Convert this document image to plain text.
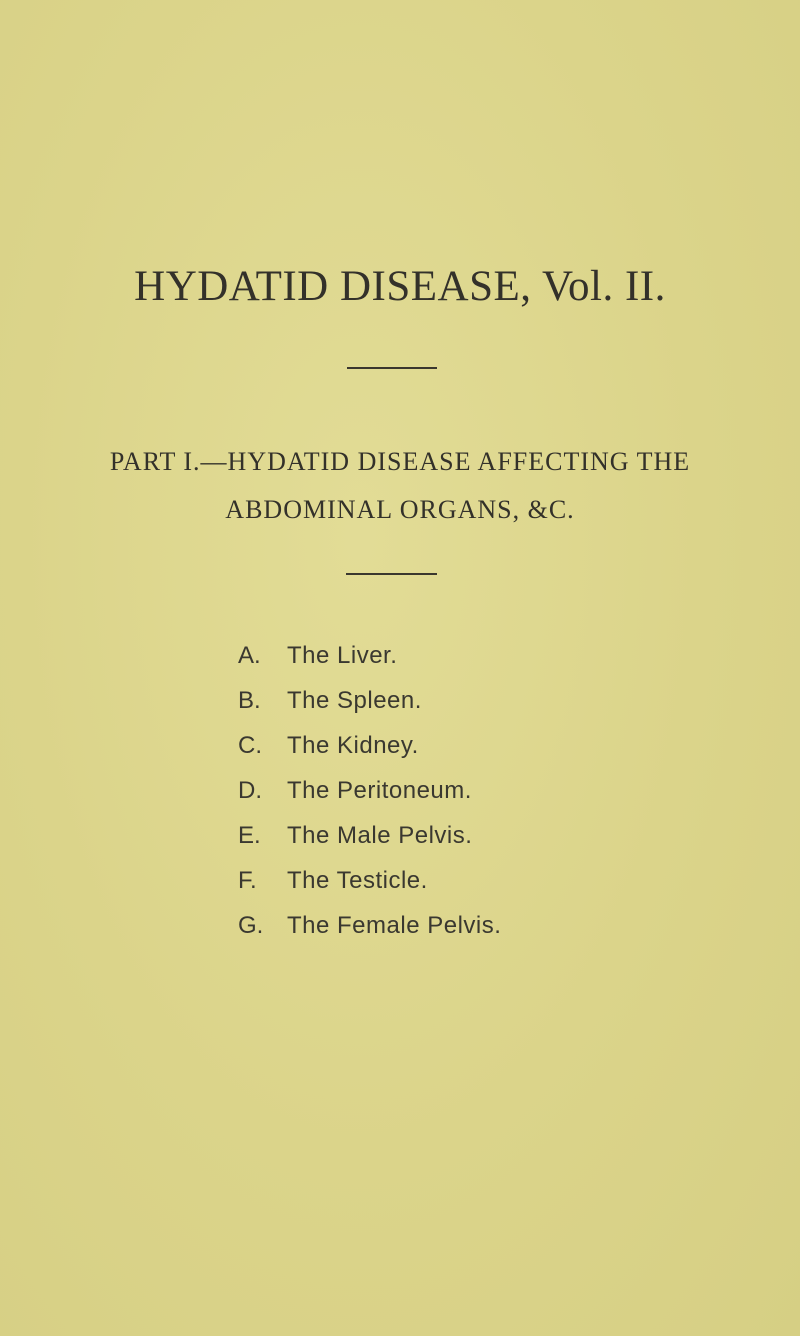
HYDATID DISEASE, Vol. II.
PART I.—HYDATID DISEASE AFFECTING THE
ABDOMINAL ORGANS, &C.
A. The Liver.
B. The Spleen.
C. The Kidney.
D. The Peritoneum.
E. The Male Pelvis.
F. The Testicle.
G. The Female Pelvis.
